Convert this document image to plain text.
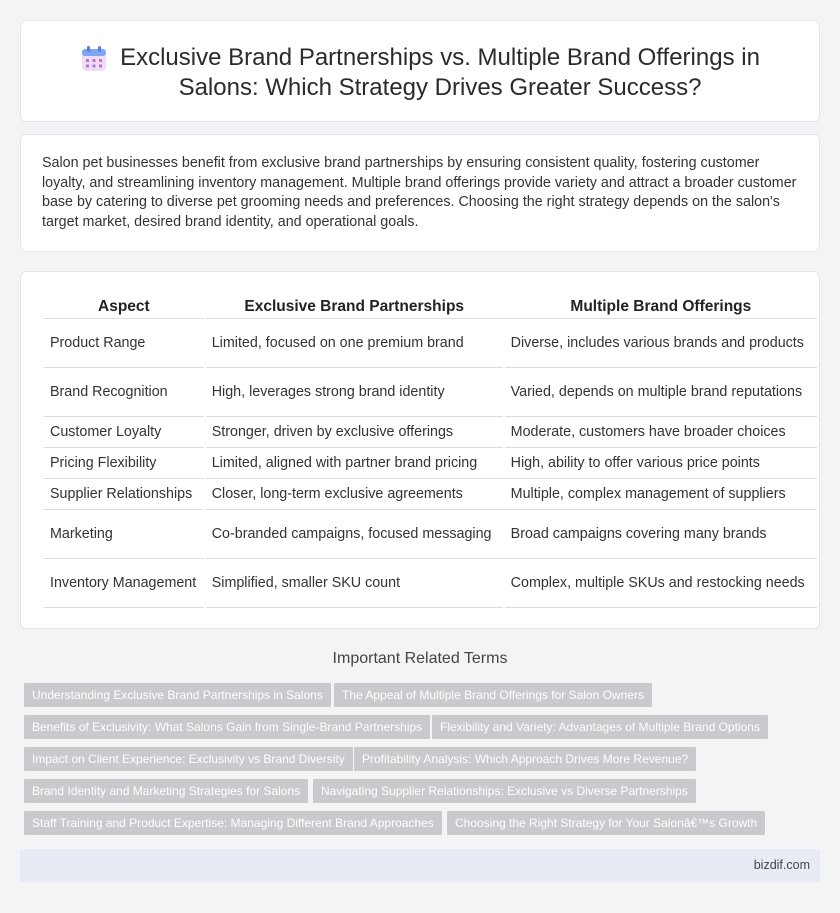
Exclusive Brand Partnerships vs. Multiple Brand Offerings in Salons: Which Strategy Drives Greater Success?

Salon pet businesses benefit from exclusive brand partnerships by ensuring consistent quality, fostering customer loyalty, and streamlining inventory management. Multiple brand offerings provide variety and attract a broader customer base by catering to diverse pet grooming needs and preferences. Choosing the right strategy depends on the salon's target market, desired brand identity, and operational goals.

Aspect	Exclusive Brand Partnerships	Multiple Brand Offerings
Product Range	Limited, focused on one premium brand	Diverse, includes various brands and products
Brand Recognition	High, leverages strong brand identity	Varied, depends on multiple brand reputations
Customer Loyalty	Stronger, driven by exclusive offerings	Moderate, customers have broader choices
Pricing Flexibility	Limited, aligned with partner brand pricing	High, ability to offer various price points
Supplier Relationships	Closer, long-term exclusive agreements	Multiple, complex management of suppliers
Marketing	Co-branded campaigns, focused messaging	Broad campaigns covering many brands
Inventory Management	Simplified, smaller SKU count	Complex, multiple SKUs and restocking needs
Important Related Terms
Understanding Exclusive Brand Partnerships in Salons	The Appeal of Multiple Brand Offerings for Salon Owners
Benefits of Exclusivity: What Salons Gain from Single-Brand Partnerships	Flexibility and Variety: Advantages of Multiple Brand Options
Impact on Client Experience: Exclusivity vs Brand Diversity	Profitability Analysis: Which Approach Drives More Revenue?
Brand Identity and Marketing Strategies for Salons	Navigating Supplier Relationships: Exclusive vs Diverse Partnerships
Staff Training and Product Expertise: Managing Different Brand Approaches	Choosing the Right Strategy for Your Salonâ€™s Growth
bizdif.com
